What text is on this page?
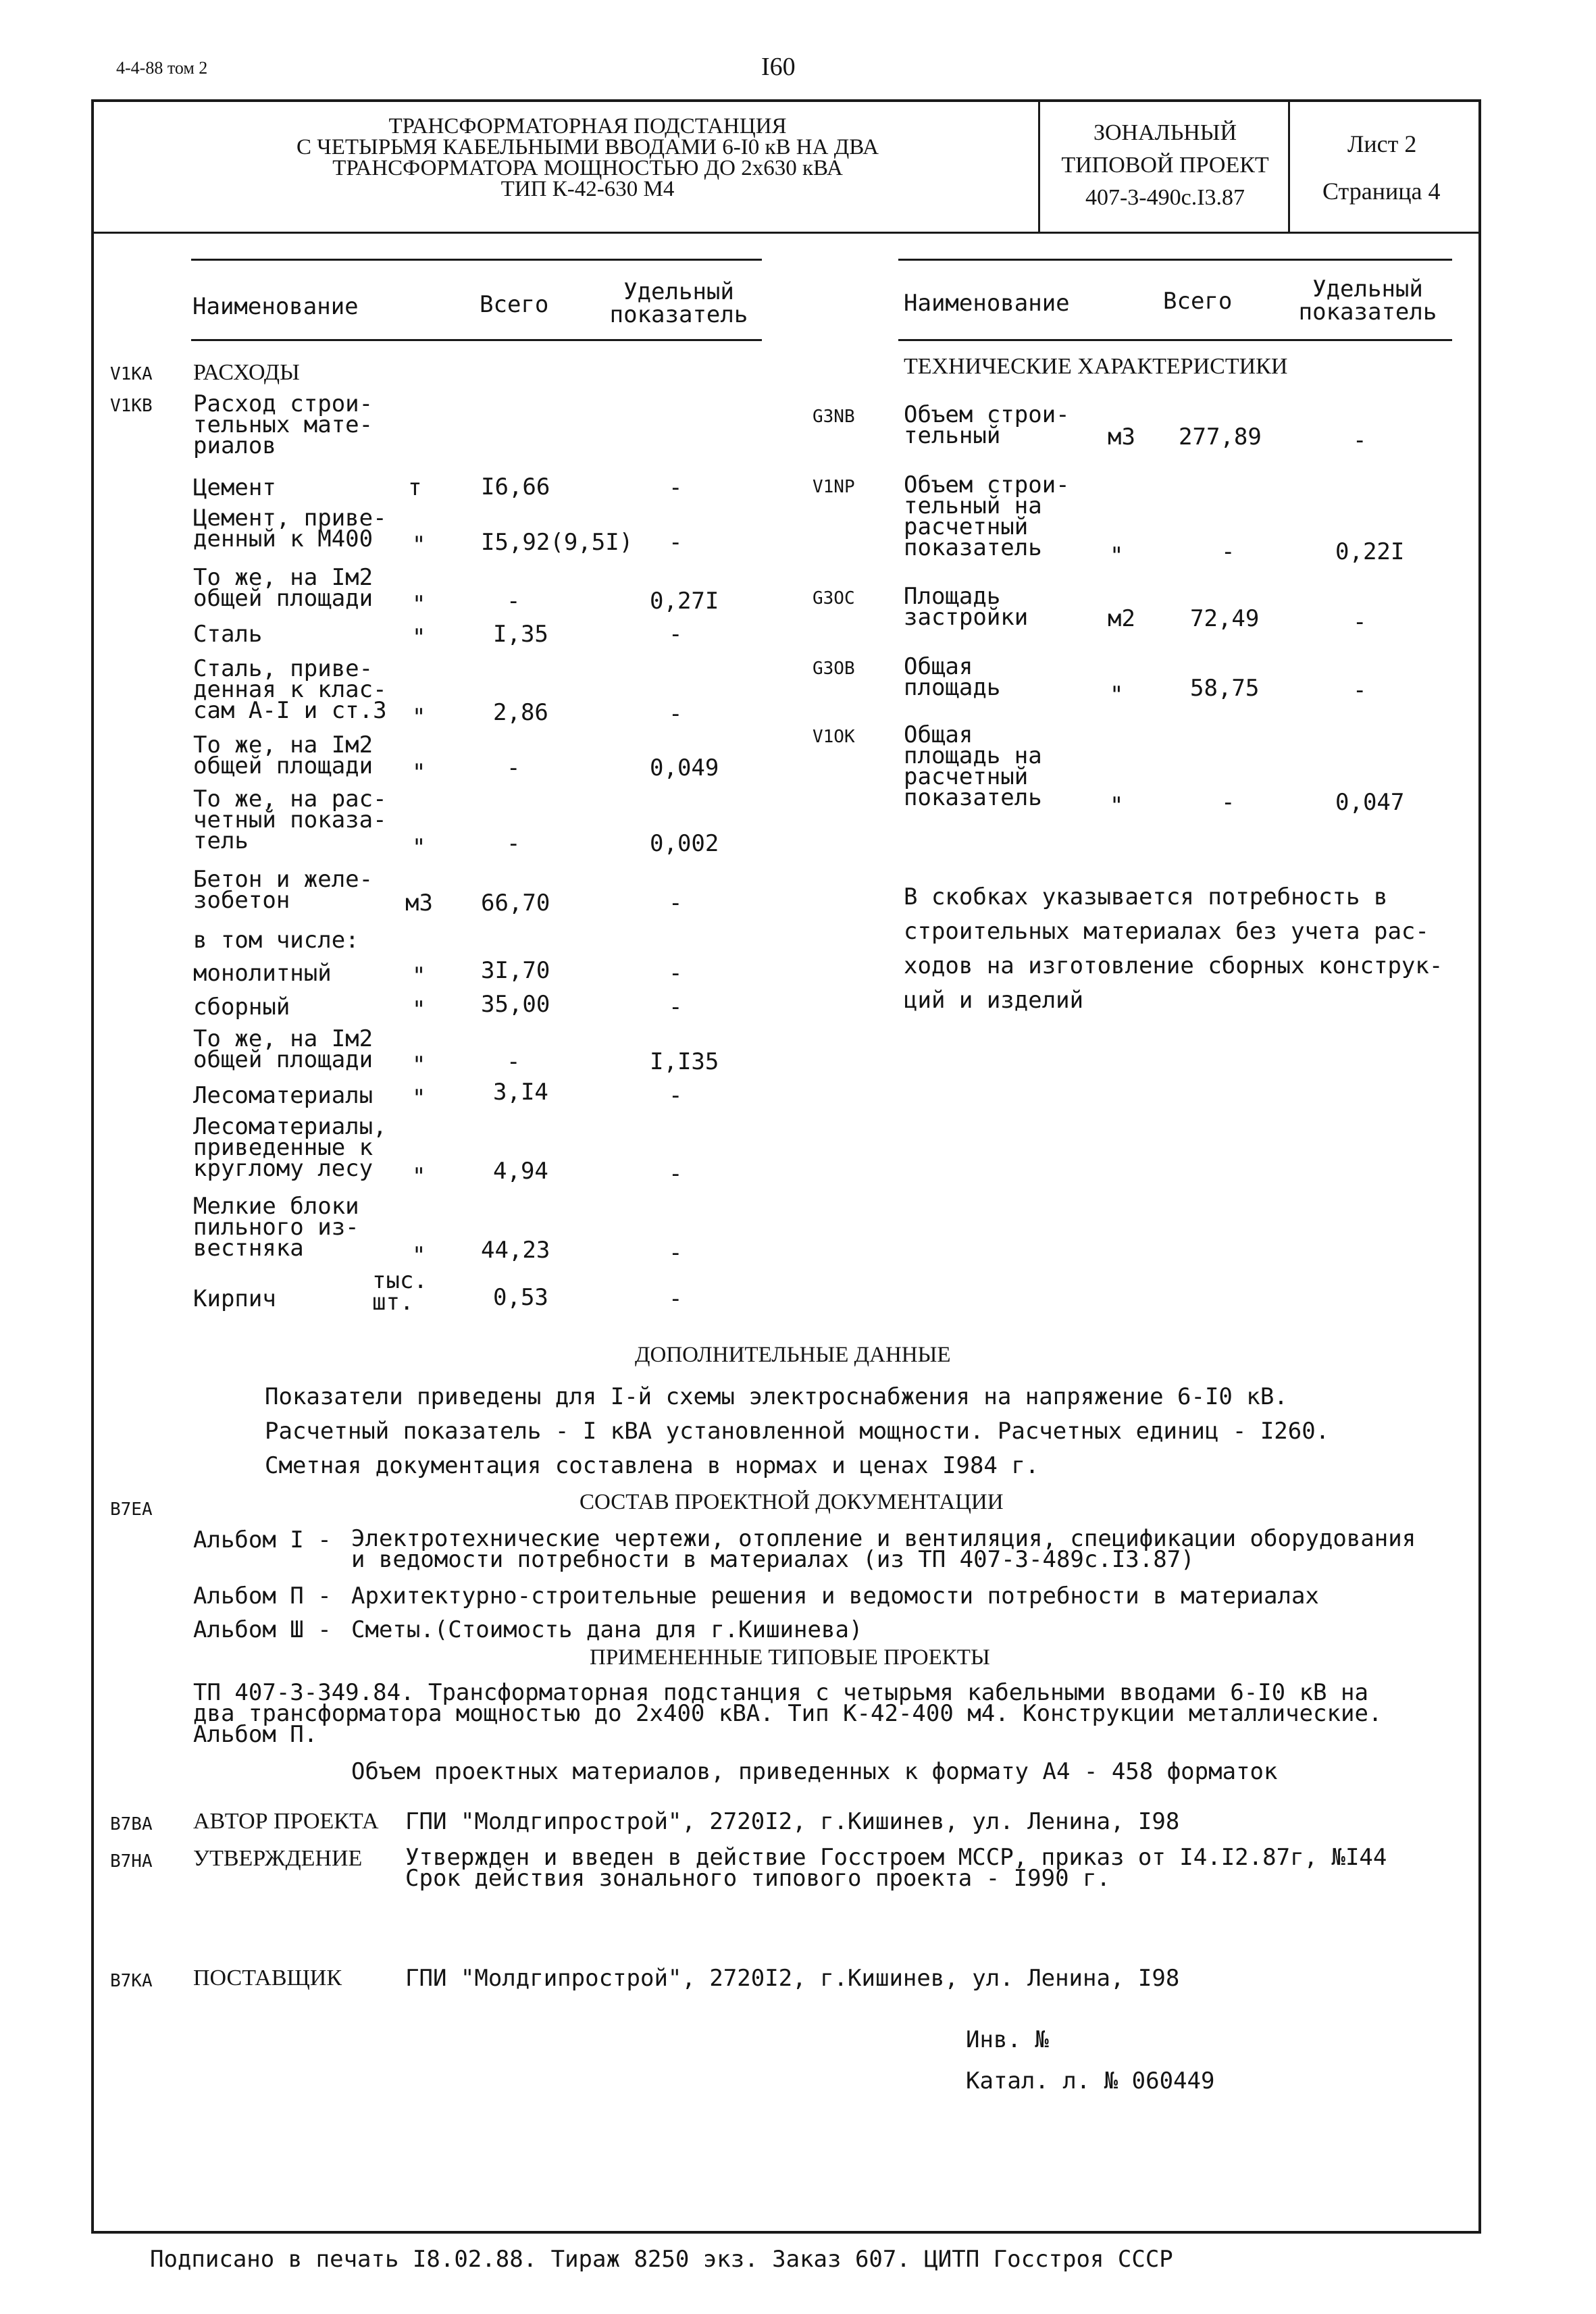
4-4-88 том 2	I60
ТРАНСФОРМАТОРНАЯ ПОДСТАНЦИЯ
С ЧЕТЫРЬМЯ КАБЕЛЬНЫМИ ВВОДАМИ 6-I0 кВ НА ДВА
ТРАНСФОРМАТОРА МОЩНОСТЬЮ ДО 2х630 кВА
ТИП К-42-630 М4
ЗОНАЛЬНЫЙ
ТИПОВОЙ ПРОЕКТ
407-3-490с.I3.87
Лист 2
Страница 4
Наименование	Всего	Удельный
показатель
V1KA РАСХОДЫ
V1KB Расход строи-
тельных мате-
риалов
Цемент	т	I6,66	-
Цемент, приве-
денный к М400	" I5,92(9,5I) -
То же, на Iм2
общей площади "	-	0,27I
Сталь	"	I,35	-
Сталь, приве-
денная к клас-
сам А-I и ст.3 "	2,86	-
То же, на Iм2
общей площади "	-	0,049
То же, на рас-
четный показа-
тель	"	-	0,002
Бетон и желе-
зобетон	м3 66,70	-
в том числе:
монолитный	" 3I,70	-
сборный	" 35,00	-
То же, на Iм2
общей площади "	-	I,I35
Лесоматериалы "	3,I4	-
Лесоматериалы,
приведенные к
круглому лесу	"	4,94	-
Мелкие блоки
пильного из-
вестняка	" 44,23	-
Кирпич
тыс.
шт.	0,53	-
Наименование	Всего	Удельный
показатель
ТЕХНИЧЕСКИЕ ХАРАКТЕРИСТИКИ
G3NB Объем строи-
тельный	м3 277,89	-
V1NP Объем строи-
тельный на
расчетный
показатель	"	-	0,22I
G3OC Площадь
застройки	м2 72,49	-
G3OB Общая
площадь	"	58,75	-
V1OK Общая
площадь на
расчетный
показатель	"	-	0,047
В скобках указывается потребность в
строительных материалах без учета рас-
ходов на изготовление сборных конструк-
ций и изделий
ДОПОЛНИТЕЛЬНЫЕ ДАННЫЕ
Показатели приведены для I-й схемы электроснабжения на напряжение 6-I0 кВ.
Расчетный показатель - I кВА установленной мощности. Расчетных единиц - I260.
Сметная документация составлена в нормах и ценах I984 г.
B7EA	СОСТАВ ПРОЕКТНОЙ ДОКУМЕНТАЦИИ
Альбом I - Электротехнические чертежи, отопление и вентиляция, спецификации оборудования
и ведомости потребности в материалах (из ТП 407-3-489с.I3.87)
Альбом П - Архитектурно-строительные решения и ведомости потребности в материалах
Альбом Ш - Сметы.(Стоимость дана для г.Кишинева)
ПРИМЕНЕННЫЕ ТИПОВЫЕ ПРОЕКТЫ
ТП 407-3-349.84. Трансформаторная подстанция с четырьмя кабельными вводами 6-I0 кВ на
два трансформатора мощностью до 2х400 кВА. Тип К-42-400 м4. Конструкции металлические.
Альбом П.
Объем проектных материалов, приведенных к формату А4 - 458 форматок
B7BA АВТОР ПРОЕКТА ГПИ "Молдгипрострой", 2720I2, г.Кишинев, ул. Ленина, I98
B7HA УТВЕРЖДЕНИЕ Утвержден и введен в действие Госстроем МССР, приказ от I4.I2.87г, №I44
Срок действия зонального типового проекта - I990 г.
B7KA ПОСТАВЩИК	ГПИ "Молдгипрострой", 2720I2, г.Кишинев, ул. Ленина, I98
Инв. №
Катал. л. № 060449
Подписано в печать I8.02.88. Тираж 8250 экз. Заказ 607. ЦИТП Госстроя СССР
